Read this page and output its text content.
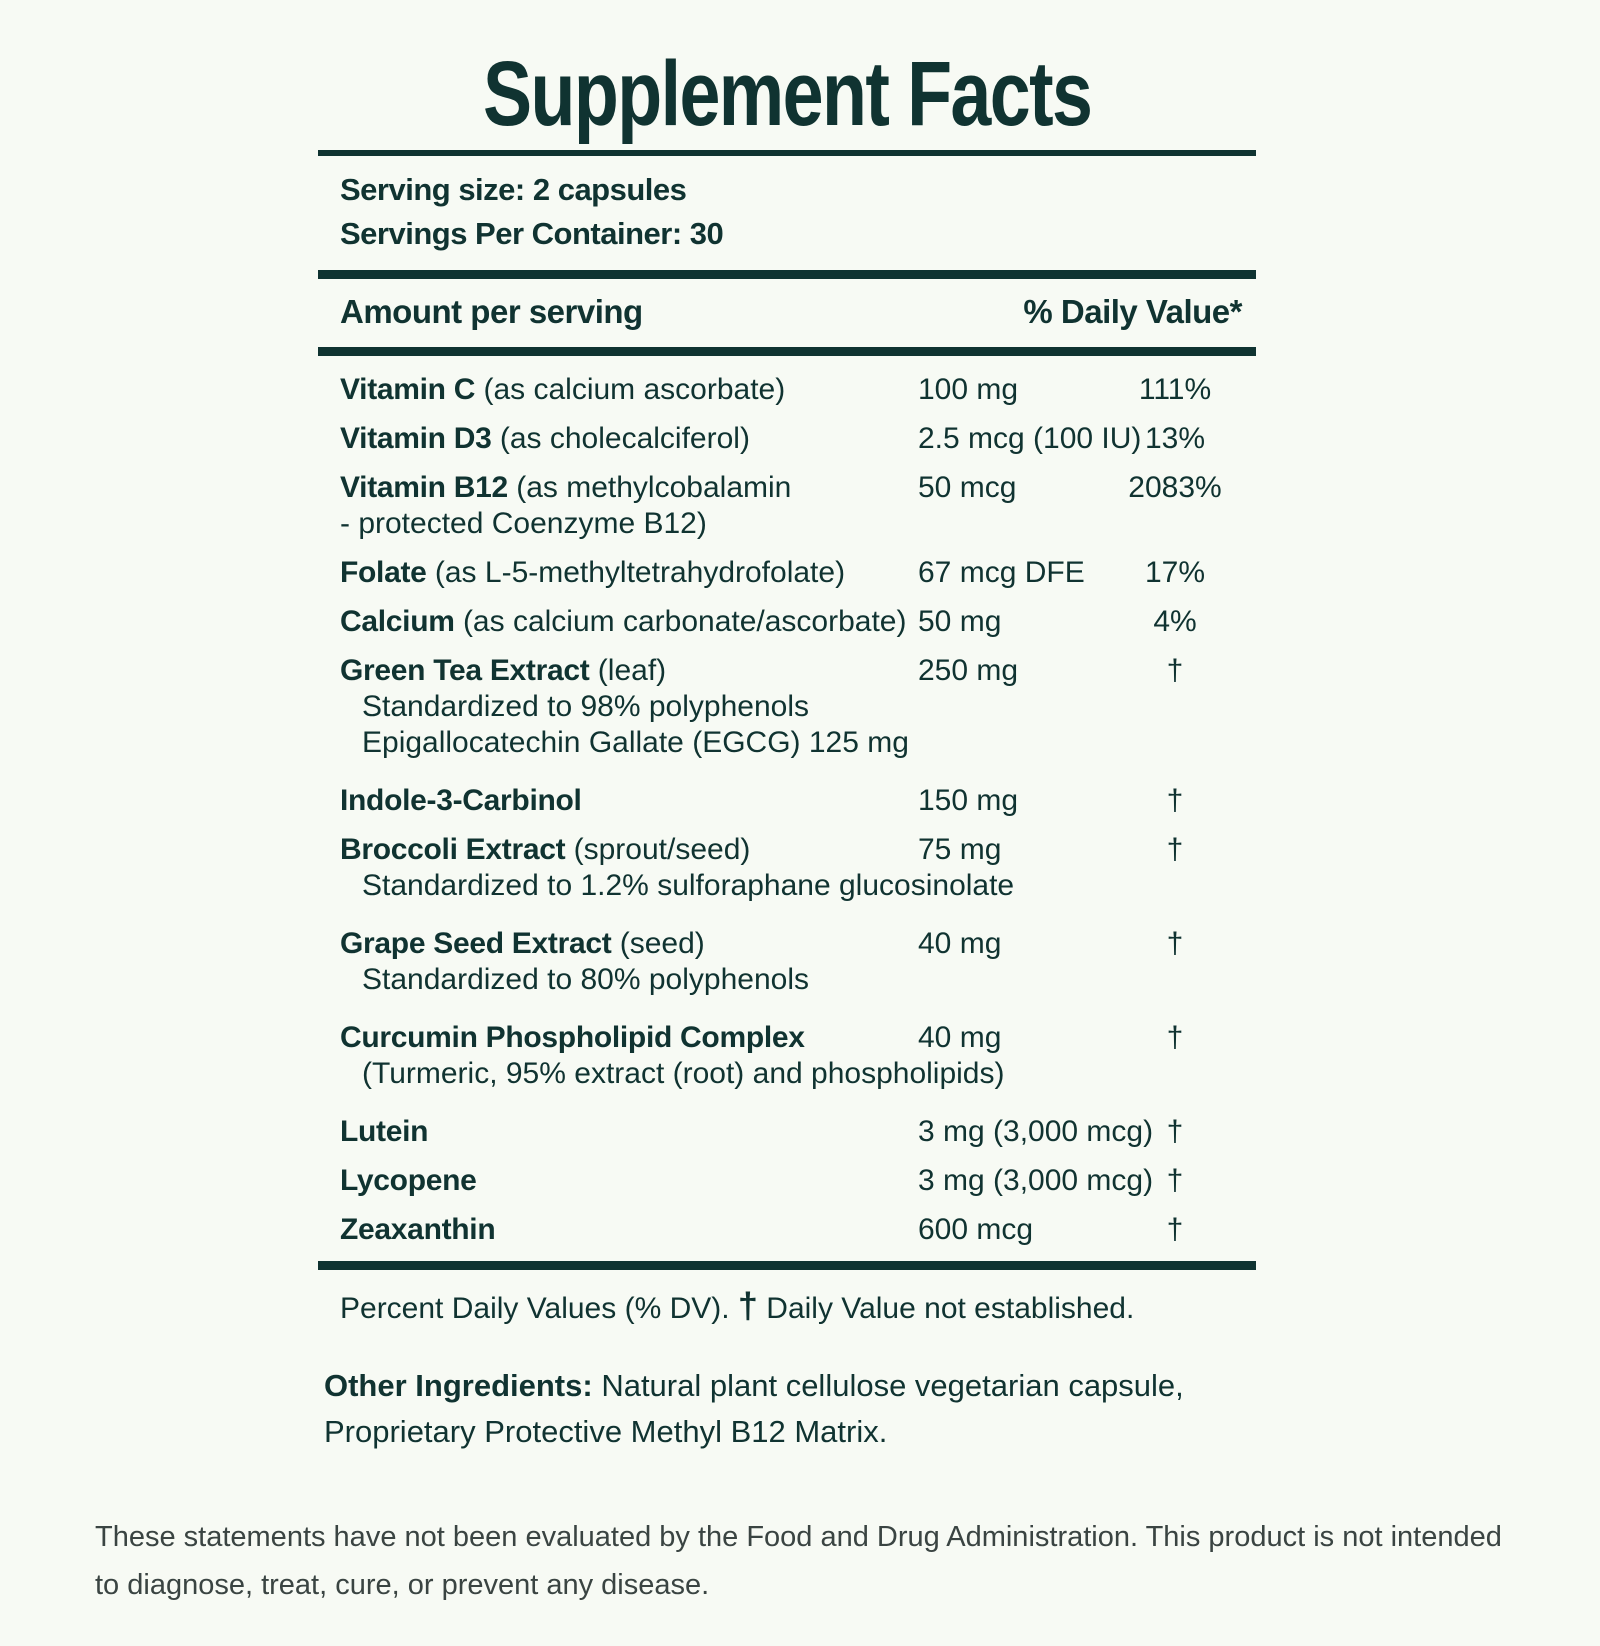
Supplement Facts
Serving size: 2 capsules
Servings Per Container: 30
Amount per serving	% Daily Value*
Vitamin C (as calcium ascorbate)	100 mg	111%
Vitamin D3 (as cholecalciferol)	2.5 mcg (100 IU) 13%
Vitamin B12 (as methylcobalamin
- protected Coenzyme B12)
50 mcg	2083%
Folate (as L-5-methyltetrahydrofolate)	67 mcg DFE	17%
Calcium (as calcium carbonate/ascorbate) 50 mg	4%
Green Tea Extract (leaf)	250 mg	†
Standardized to 98% polyphenols
Epigallocatechin Gallate (EGCG) 125 mg
Indole-3-Carbinol	150 mg	†
Broccoli Extract (sprout/seed)	75 mg	†
Standardized to 1.2% sulforaphane glucosinolate
Grape Seed Extract (seed)	40 mg	†
Standardized to 80% polyphenols
Curcumin Phospholipid Complex	40 mg	†
(Turmeric, 95% extract (root) and phospholipids)
Lutein	3 mg (3,000 mcg) †
Lycopene	3 mg (3,000 mcg) †
Zeaxanthin	600 mcg	†
Percent Daily Values (% DV). † Daily Value not established.
Other Ingredients: Natural plant cellulose vegetarian capsule, Proprietary Protective Methyl B12 Matrix.
These statements have not been evaluated by the Food and Drug Administration. This product is not intended to diagnose, treat, cure, or prevent any disease.
